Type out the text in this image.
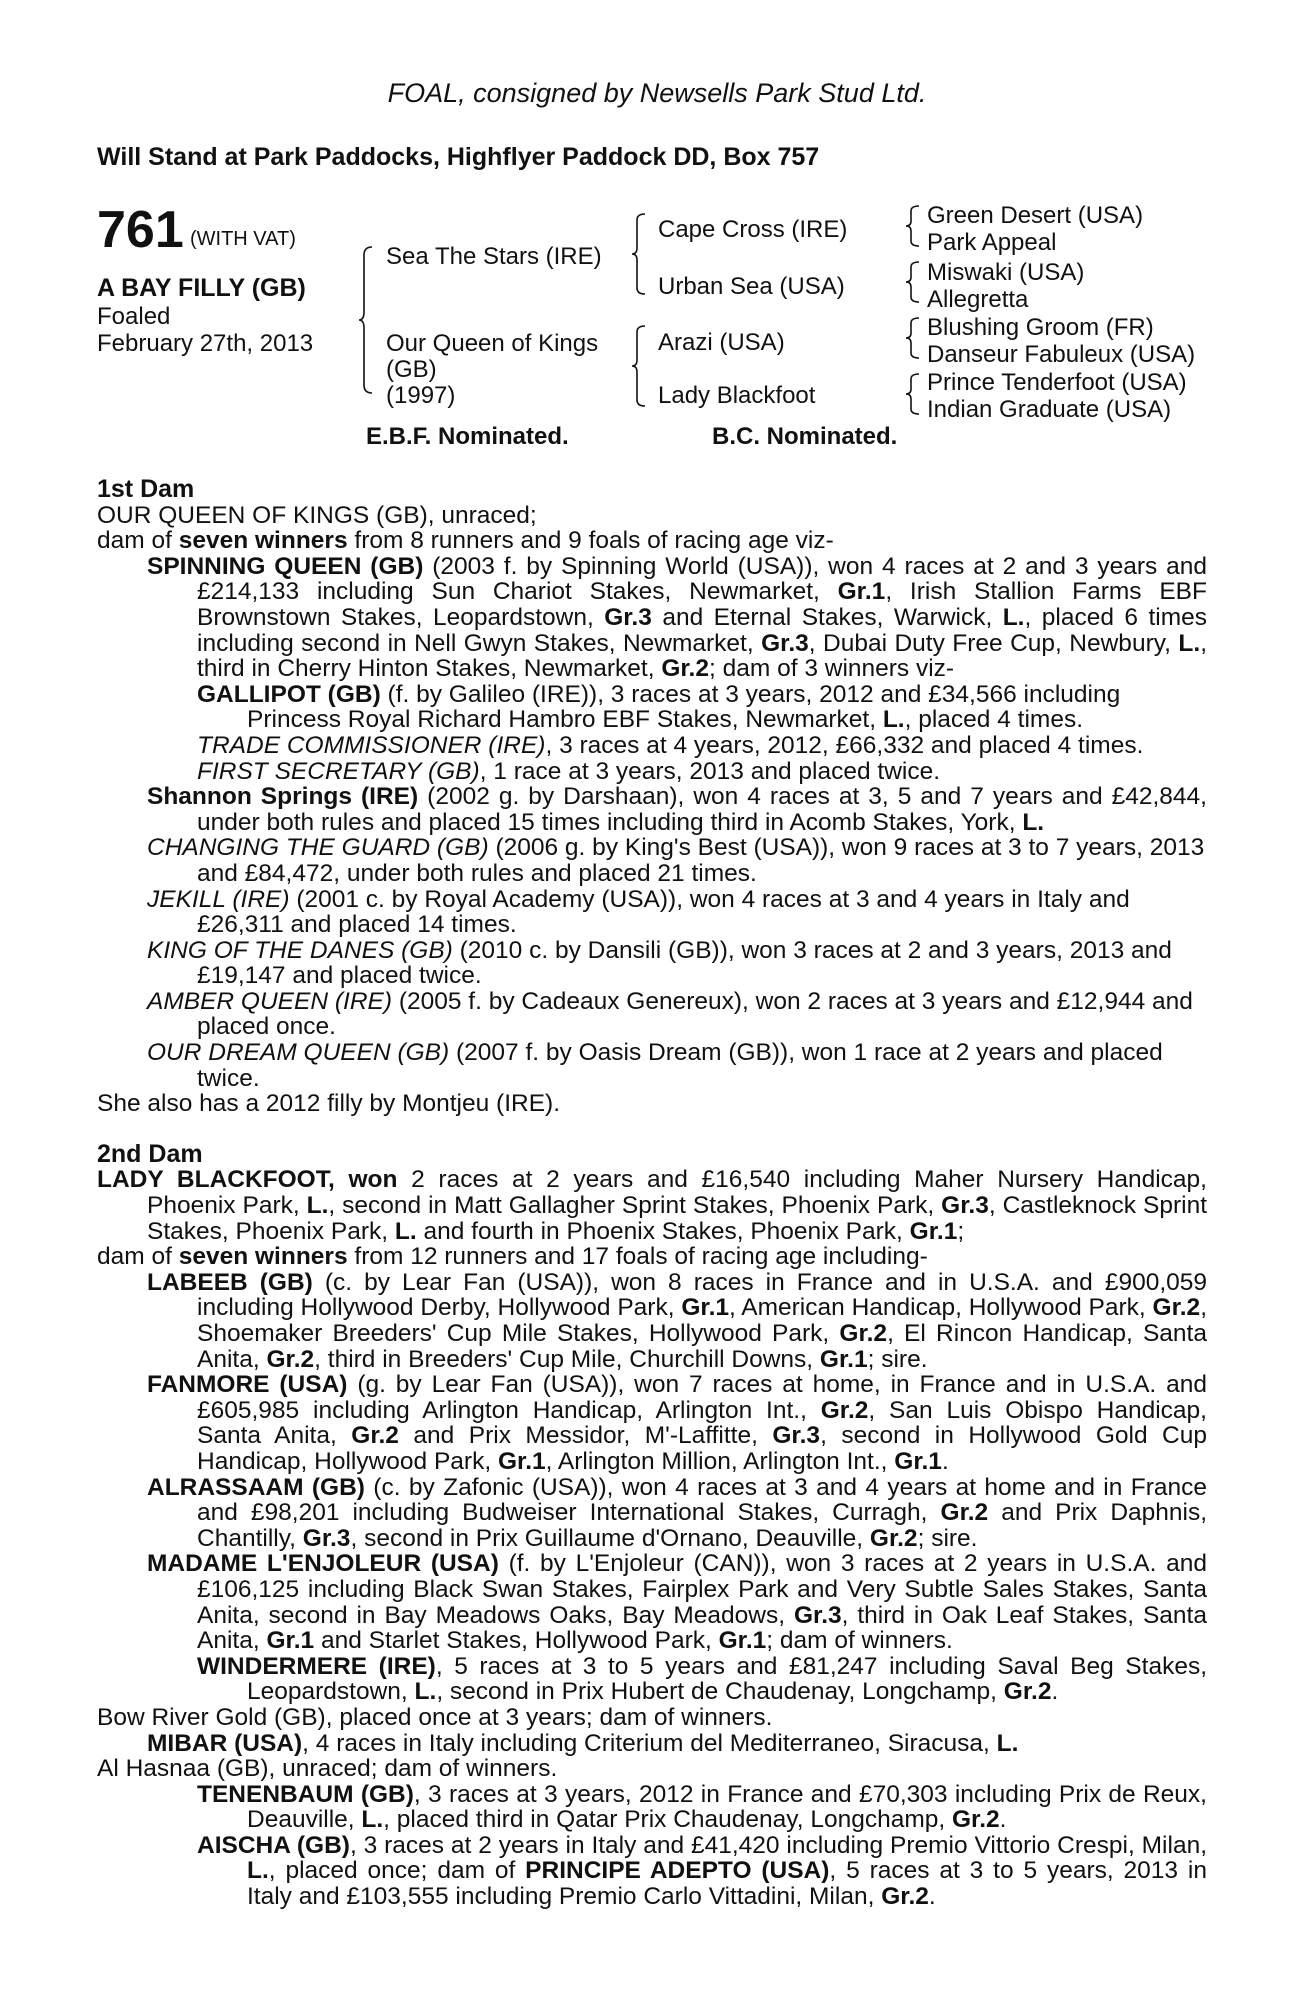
FOAL, consigned by Newsells Park Stud Ltd.
Will Stand at Park Paddocks, Highflyer Paddock DD, Box 757
761 (WITH VAT)
A BAY FILLY (GB)
Foaled
February 27th, 2013
Sea The Stars (IRE)
Our Queen of Kings
(GB)
(1997)
Cape Cross (IRE)
Urban Sea (USA)
Arazi (USA)
Lady Blackfoot
Green Desert (USA)
Park Appeal
Miswaki (USA)
Allegretta
Blushing Groom (FR)
Danseur Fabuleux (USA)
Prince Tenderfoot (USA)
Indian Graduate (USA)
E.B.F. Nominated.	B.C. Nominated.
1st Dam

OUR QUEEN OF KINGS (GB), unraced;

dam of seven winners from 8 runners and 9 foals of racing age viz-

SPINNING QUEEN (GB) (2003 f. by Spinning World (USA)), won 4 races at 2 and 3 years and £214,133 including Sun Chariot Stakes, Newmarket, Gr.1, Irish Stallion Farms EBF Brownstown Stakes, Leopardstown, Gr.3 and Eternal Stakes, Warwick, L., placed 6 times including second in Nell Gwyn Stakes, Newmarket, Gr.3, Dubai Duty Free Cup, Newbury, L., third in Cherry Hinton Stakes, Newmarket, Gr.2; dam of 3 winners viz-

GALLIPOT (GB) (f. by Galileo (IRE)), 3 races at 3 years, 2012 and £34,566 including Princess Royal Richard Hambro EBF Stakes, Newmarket, L., placed 4 times.

TRADE COMMISSIONER (IRE), 3 races at 4 years, 2012, £66,332 and placed 4 times.

FIRST SECRETARY (GB), 1 race at 3 years, 2013 and placed twice.

Shannon Springs (IRE) (2002 g. by Darshaan), won 4 races at 3, 5 and 7 years and £42,844, under both rules and placed 15 times including third in Acomb Stakes, York, L.

CHANGING THE GUARD (GB) (2006 g. by King's Best (USA)), won 9 races at 3 to 7 years, 2013 and £84,472, under both rules and placed 21 times.

JEKILL (IRE) (2001 c. by Royal Academy (USA)), won 4 races at 3 and 4 years in Italy and £26,311 and placed 14 times.

KING OF THE DANES (GB) (2010 c. by Dansili (GB)), won 3 races at 2 and 3 years, 2013 and £19,147 and placed twice.

AMBER QUEEN (IRE) (2005 f. by Cadeaux Genereux), won 2 races at 3 years and £12,944 and placed once.

OUR DREAM QUEEN (GB) (2007 f. by Oasis Dream (GB)), won 1 race at 2 years and placed twice.

She also has a 2012 filly by Montjeu (IRE).

2nd Dam

LADY BLACKFOOT, won 2 races at 2 years and £16,540 including Maher Nursery Handicap, Phoenix Park, L., second in Matt Gallagher Sprint Stakes, Phoenix Park, Gr.3, Castleknock Sprint Stakes, Phoenix Park, L. and fourth in Phoenix Stakes, Phoenix Park, Gr.1;

dam of seven winners from 12 runners and 17 foals of racing age including-

LABEEB (GB) (c. by Lear Fan (USA)), won 8 races in France and in U.S.A. and £900,059 including Hollywood Derby, Hollywood Park, Gr.1, American Handicap, Hollywood Park, Gr.2, Shoemaker Breeders' Cup Mile Stakes, Hollywood Park, Gr.2, El Rincon Handicap, Santa Anita, Gr.2, third in Breeders' Cup Mile, Churchill Downs, Gr.1; sire.

FANMORE (USA) (g. by Lear Fan (USA)), won 7 races at home, in France and in U.S.A. and £605,985 including Arlington Handicap, Arlington Int., Gr.2, San Luis Obispo Handicap, Santa Anita, Gr.2 and Prix Messidor, M'-Laffitte, Gr.3, second in Hollywood Gold Cup Handicap, Hollywood Park, Gr.1, Arlington Million, Arlington Int., Gr.1.

ALRASSAAM (GB) (c. by Zafonic (USA)), won 4 races at 3 and 4 years at home and in France and £98,201 including Budweiser International Stakes, Curragh, Gr.2 and Prix Daphnis, Chantilly, Gr.3, second in Prix Guillaume d'Ornano, Deauville, Gr.2; sire.

MADAME L'ENJOLEUR (USA) (f. by L'Enjoleur (CAN)), won 3 races at 2 years in U.S.A. and £106,125 including Black Swan Stakes, Fairplex Park and Very Subtle Sales Stakes, Santa Anita, second in Bay Meadows Oaks, Bay Meadows, Gr.3, third in Oak Leaf Stakes, Santa Anita, Gr.1 and Starlet Stakes, Hollywood Park, Gr.1; dam of winners.

WINDERMERE (IRE), 5 races at 3 to 5 years and £81,247 including Saval Beg Stakes, Leopardstown, L., second in Prix Hubert de Chaudenay, Longchamp, Gr.2.

Bow River Gold (GB), placed once at 3 years; dam of winners.

MIBAR (USA), 4 races in Italy including Criterium del Mediterraneo, Siracusa, L.

Al Hasnaa (GB), unraced; dam of winners.

TENENBAUM (GB), 3 races at 3 years, 2012 in France and £70,303 including Prix de Reux, Deauville, L., placed third in Qatar Prix Chaudenay, Longchamp, Gr.2.

AISCHA (GB), 3 races at 2 years in Italy and £41,420 including Premio Vittorio Crespi, Milan, L., placed once; dam of PRINCIPE ADEPTO (USA), 5 races at 3 to 5 years, 2013 in Italy and £103,555 including Premio Carlo Vittadini, Milan, Gr.2.
